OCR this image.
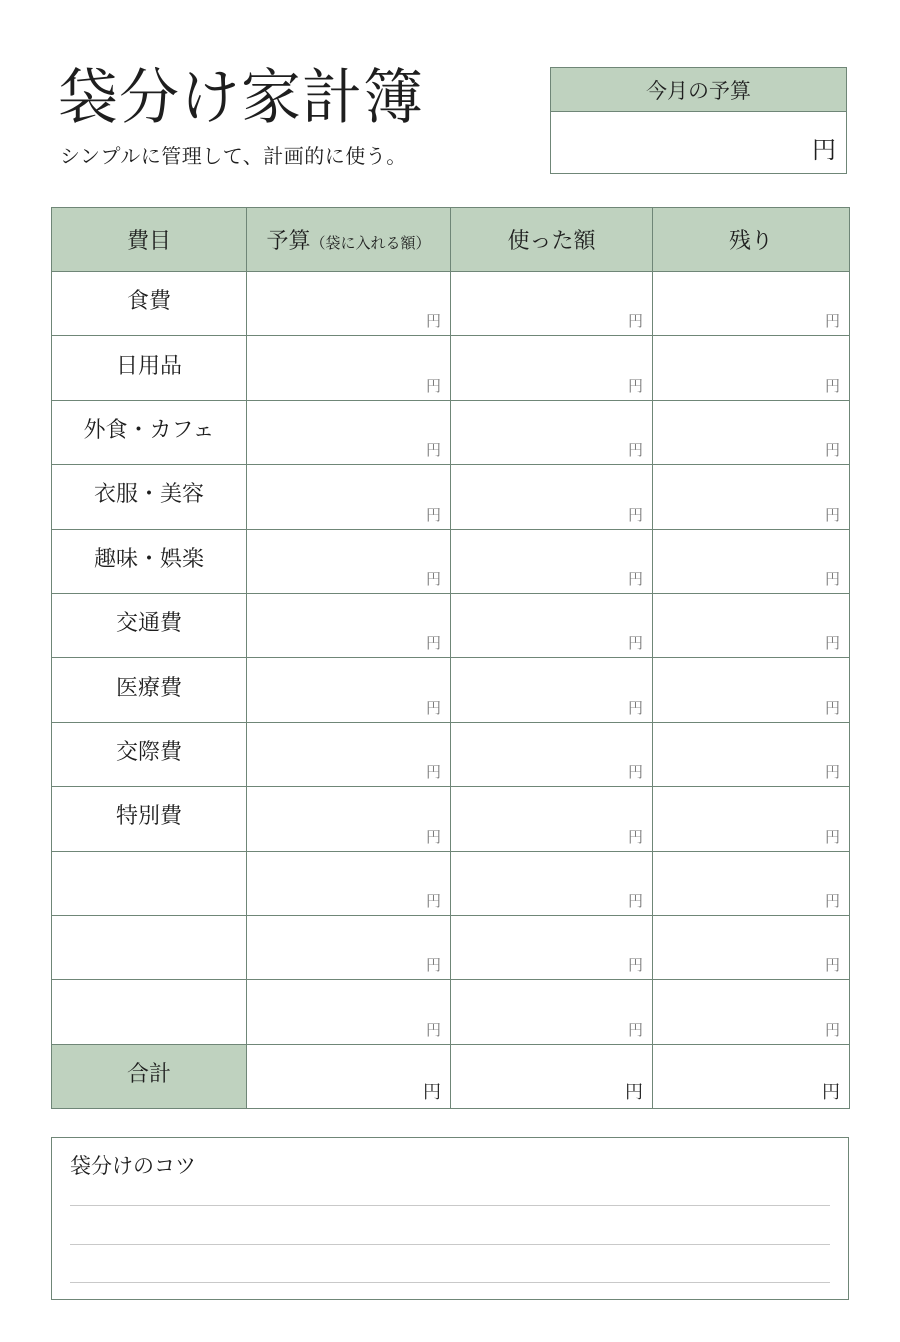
袋分け家計簿

シンプルに管理して、計画的に使う。

今月の予算
円
費目	予算（袋に入れる額）	使った額	残り
食費	円	円	円

日用品	円	円	円

外食・カフェ	円	円	円

衣服・美容	円	円	円

趣味・娯楽	円	円	円

交通費	円	円	円

医療費	円	円	円

交際費	円	円	円

特別費	円	円	円

	円	円	円

	円	円	円

	円	円	円

合計	円	円	円
袋分けのコツ
